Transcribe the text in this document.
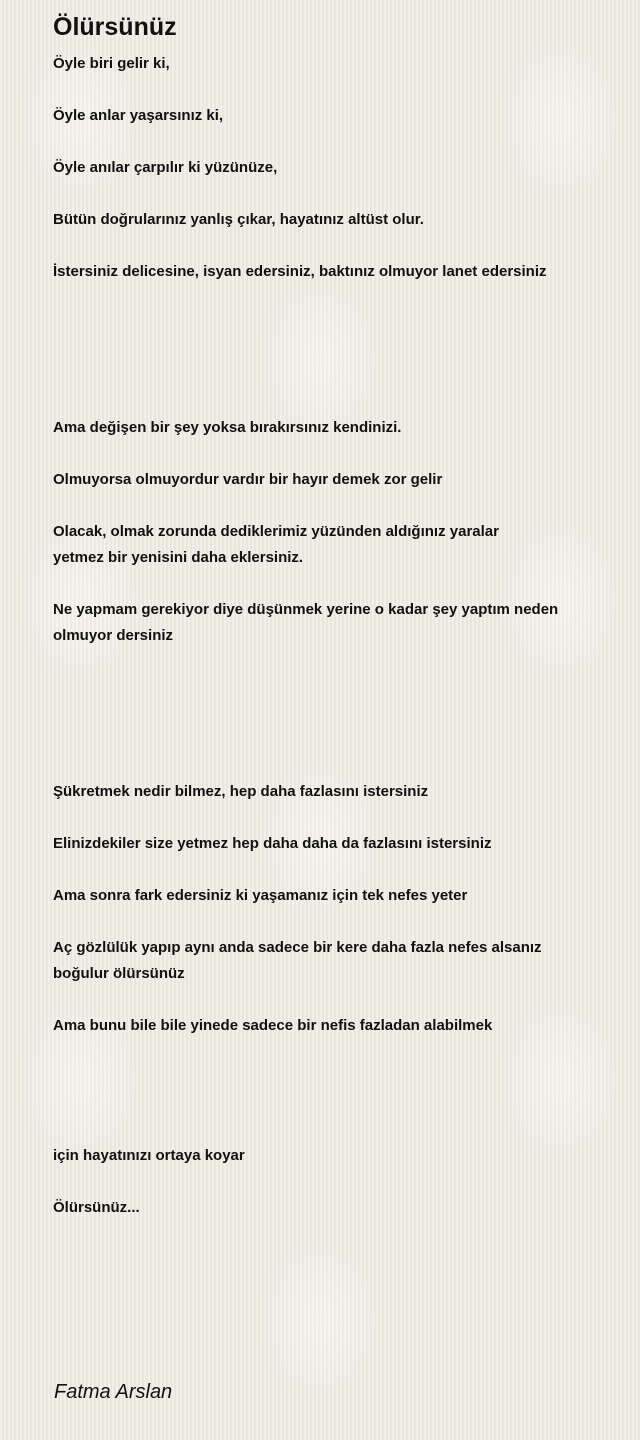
Ölürsünüz
Öyle biri gelir ki,
Öyle anlar yaşarsınız ki,
Öyle anılar çarpılır ki yüzünüze,
Bütün doğrularınız yanlış çıkar, hayatınız altüst olur.
İstersiniz delicesine, isyan edersiniz, baktınız olmuyor lanet edersiniz
Ama değişen bir şey yoksa bırakırsınız kendinizi.
Olmuyorsa olmuyordur vardır bir hayır demek zor gelir
Olacak, olmak zorunda dediklerimiz yüzünden aldığınız yaralar
yetmez bir yenisini daha eklersiniz.
Ne yapmam gerekiyor diye düşünmek yerine o kadar şey yaptım neden
olmuyor dersiniz
Şükretmek nedir bilmez, hep daha fazlasını istersiniz
Elinizdekiler size yetmez hep daha daha da fazlasını istersiniz
Ama sonra fark edersiniz ki yaşamanız için tek nefes yeter
Aç gözlülük yapıp aynı anda sadece bir kere daha fazla nefes alsanız
boğulur ölürsünüz
Ama bunu bile bile yinede sadece bir nefis fazladan alabilmek
için hayatınızı ortaya koyar
Ölürsünüz...
Fatma Arslan
